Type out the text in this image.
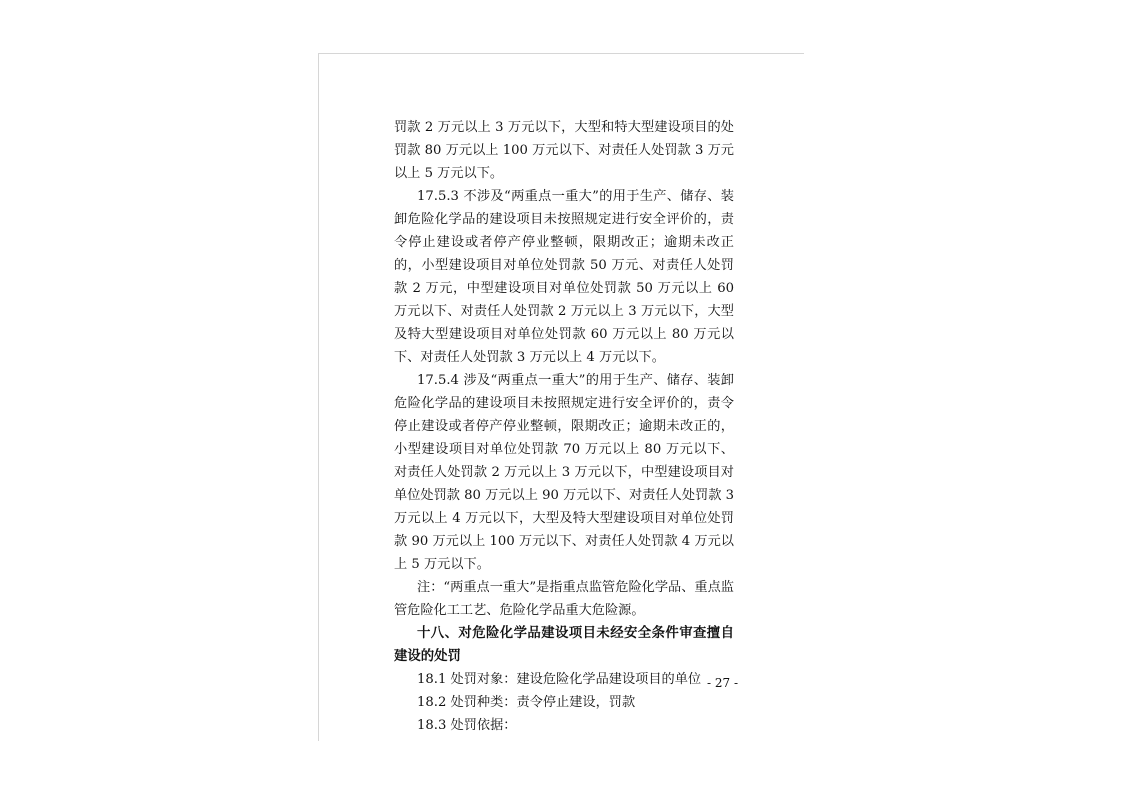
罚款 2 万元以上 3 万元以下，大型和特大型建设项目的处罚款 80 万元以上 100 万元以下、对责任人处罚款 3 万元以上 5 万元以下。

17.5.3 不涉及“两重点一重大”的用于生产、储存、装卸危险化学品的建设项目未按照规定进行安全评价的，责令停止建设或者停产停业整顿，限期改正；逾期未改正的，小型建设项目对单位处罚款 50 万元、对责任人处罚款 2 万元，中型建设项目对单位处罚款 50 万元以上 60 万元以下、对责任人处罚款 2 万元以上 3 万元以下，大型及特大型建设项目对单位处罚款 60 万元以上 80 万元以下、对责任人处罚款 3 万元以上 4 万元以下。

17.5.4 涉及“两重点一重大”的用于生产、储存、装卸危险化学品的建设项目未按照规定进行安全评价的，责令停止建设或者停产停业整顿，限期改正；逾期未改正的，小型建设项目对单位处罚款 70 万元以上 80 万元以下、对责任人处罚款 2 万元以上 3 万元以下，中型建设项目对单位处罚款 80 万元以上 90 万元以下、对责任人处罚款 3 万元以上 4 万元以下，大型及特大型建设项目对单位处罚款 90 万元以上 100 万元以下、对责任人处罚款 4 万元以上 5 万元以下。

注：“两重点一重大”是指重点监管危险化学品、重点监管危险化工工艺、危险化学品重大危险源。

十八、对危险化学品建设项目未经安全条件审查擅自建设的处罚

18.1 处罚对象：建设危险化学品建设项目的单位

18.2 处罚种类：责令停止建设，罚款

18.3 处罚依据：

- 27 -
